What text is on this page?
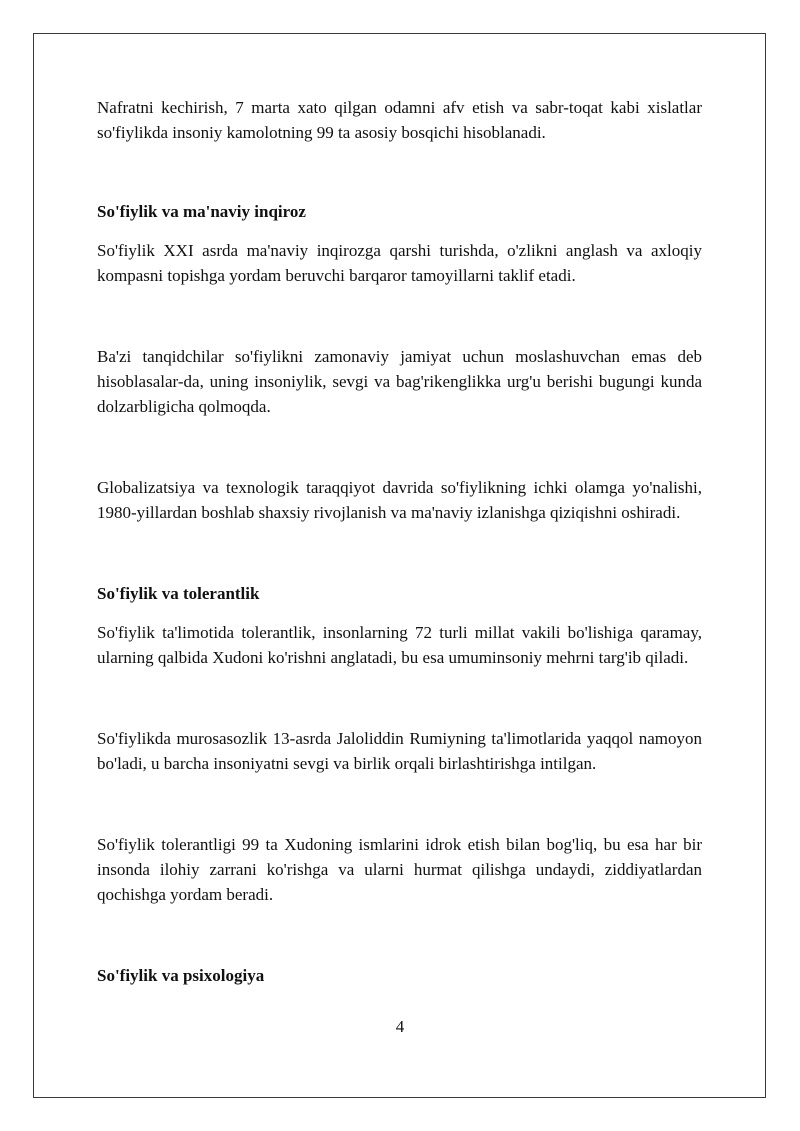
Nafratni kechirish, 7 marta xato qilgan odamni afv etish va sabr-toqat kabi xislatlar so'fiylikda insoniy kamolotning 99 ta asosiy bosqichi hisoblanadi.

So'fiylik va ma'naviy inqiroz

So'fiylik XXI asrda ma'naviy inqirozga qarshi turishda, o'zlikni anglash va axloqiy kompasni topishga yordam beruvchi barqaror tamoyillarni taklif etadi.

Ba'zi tanqidchilar so'fiylikni zamonaviy jamiyat uchun moslashuvchan emas deb hisoblasalar-da, uning insoniylik, sevgi va bag'rikenglikka urg'u berishi bugungi kunda dolzarbligicha qolmoqda.

Globalizatsiya va texnologik taraqqiyot davrida so'fiylikning ichki olamga yo'nalishi, 1980-yillardan boshlab shaxsiy rivojlanish va ma'naviy izlanishga qiziqishni oshiradi.

So'fiylik va tolerantlik

So'fiylik ta'limotida tolerantlik, insonlarning 72 turli millat vakili bo'lishiga qaramay, ularning qalbida Xudoni ko'rishni anglatadi, bu esa umuminsoniy mehrni targ'ib qiladi.

So'fiylikda murosasozlik 13-asrda Jaloliddin Rumiyning ta'limotlarida yaqqol namoyon bo'ladi, u barcha insoniyatni sevgi va birlik orqali birlashtirishga intilgan.

So'fiylik tolerantligi 99 ta Xudoning ismlarini idrok etish bilan bog'liq, bu esa har bir insonda ilohiy zarrani ko'rishga va ularni hurmat qilishga undaydi, ziddiyatlardan qochishga yordam beradi.

So'fiylik va psixologiya
4
